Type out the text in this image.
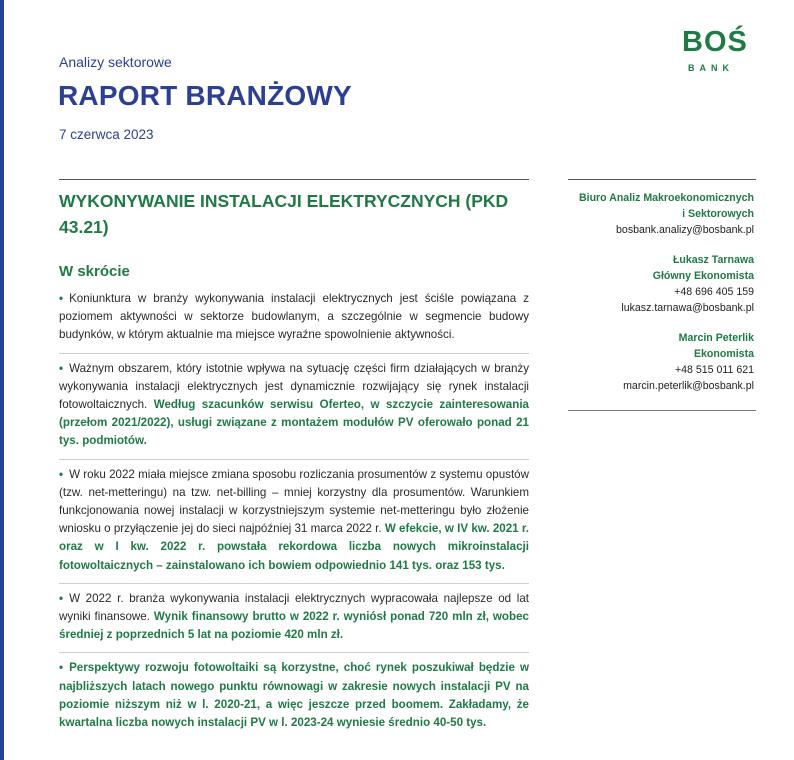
Analizy sektorowe
RAPORT BRANŻOWY
7 czerwca 2023
BOŚ
BANK
WYKONYWANIE INSTALACJI ELEKTRYCZNYCH (PKD 43.21)
W skrócie

• Koniunktura w branży wykonywania instalacji elektrycznych jest ściśle powiązana z poziomem aktywności w sektorze budowlanym, a szczególnie w segmencie budowy budynków, w którym aktualnie ma miejsce wyraźne spowolnienie aktywności.

• Ważnym obszarem, który istotnie wpływa na sytuację części firm działających w branży wykonywania instalacji elektrycznych jest dynamicznie rozwijający się rynek instalacji fotowoltaicznych. Według szacunków serwisu Oferteo, w szczycie zainteresowania (przełom 2021/2022), usługi związane z montażem modułów PV oferowało ponad 21 tys. podmiotów.

• W roku 2022 miała miejsce zmiana sposobu rozliczania prosumentów z systemu opustów (tzw. net-metteringu) na tzw. net-billing – mniej korzystny dla prosumentów. Warunkiem funkcjonowania nowej instalacji w korzystniejszym systemie net-metteringu było złożenie wniosku o przyłączenie jej do sieci najpóźniej 31 marca 2022 r. W efekcie, w IV kw. 2021 r. oraz w I kw. 2022 r. powstała rekordowa liczba nowych mikroinstalacji fotowoltaicznych – zainstalowano ich bowiem odpowiednio 141 tys. oraz 153 tys.

• W 2022 r. branża wykonywania instalacji elektrycznych wypracowała najlepsze od lat wyniki finansowe. Wynik finansowy brutto w 2022 r. wyniósł ponad 720 mln zł, wobec średniej z poprzednich 5 lat na poziomie 420 mln zł.

• Perspektywy rozwoju fotowoltaiki są korzystne, choć rynek poszukiwał będzie w najbliższych latach nowego punktu równowagi w zakresie nowych instalacji PV na poziomie niższym niż w l. 2020-21, a więc jeszcze przed boomem. Zakładamy, że kwartalna liczba nowych instalacji PV w l. 2023-24 wyniesie średnio 40-50 tys.

Biuro Analiz Makroekonomicznych
i Sektorowych
bosbank.analizy@bosbank.pl
Łukasz Tarnawa
Główny Ekonomista
+48 696 405 159
lukasz.tarnawa@bosbank.pl
Marcin Peterlik
Ekonomista
+48 515 011 621
marcin.peterlik@bosbank.pl
